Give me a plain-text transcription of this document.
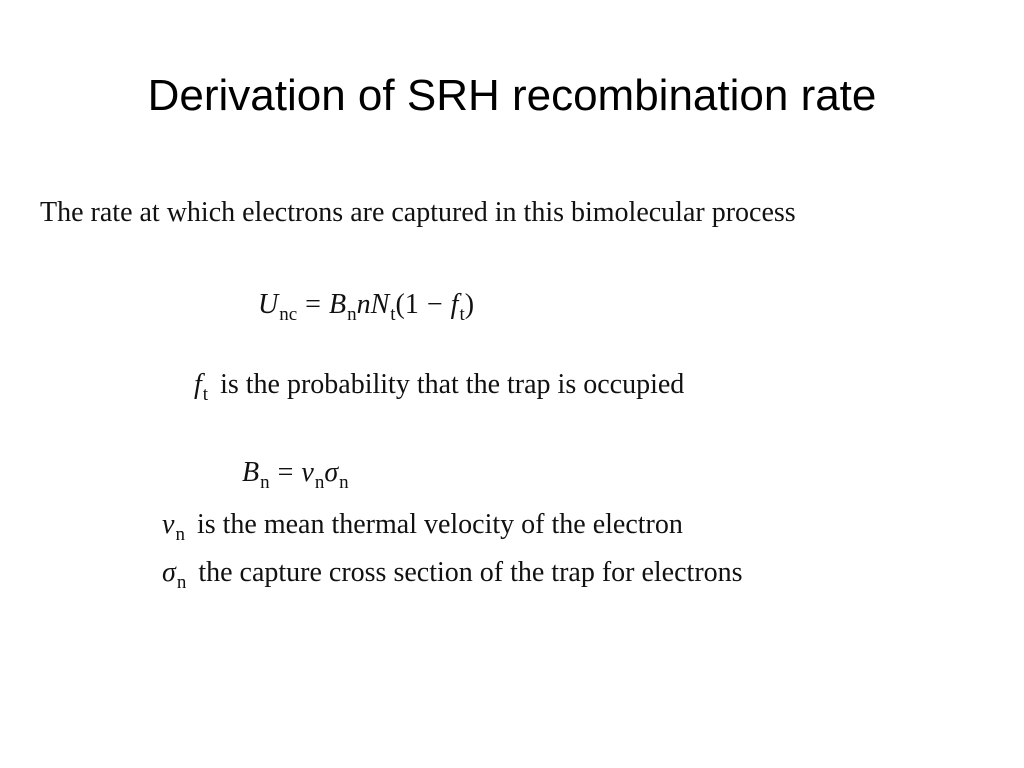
Derivation of SRH recombination rate
The rate at which electrons are captured in this bimolecular process
$U_{nc} = B_nnN_t(1 - f_t)$
$f_t$ is the probability that the trap is occupied
$B_n = v_n\sigma_n$
$v_n$ is the mean thermal velocity of the electron
$\sigma_n$ the capture cross section of the trap for electrons
